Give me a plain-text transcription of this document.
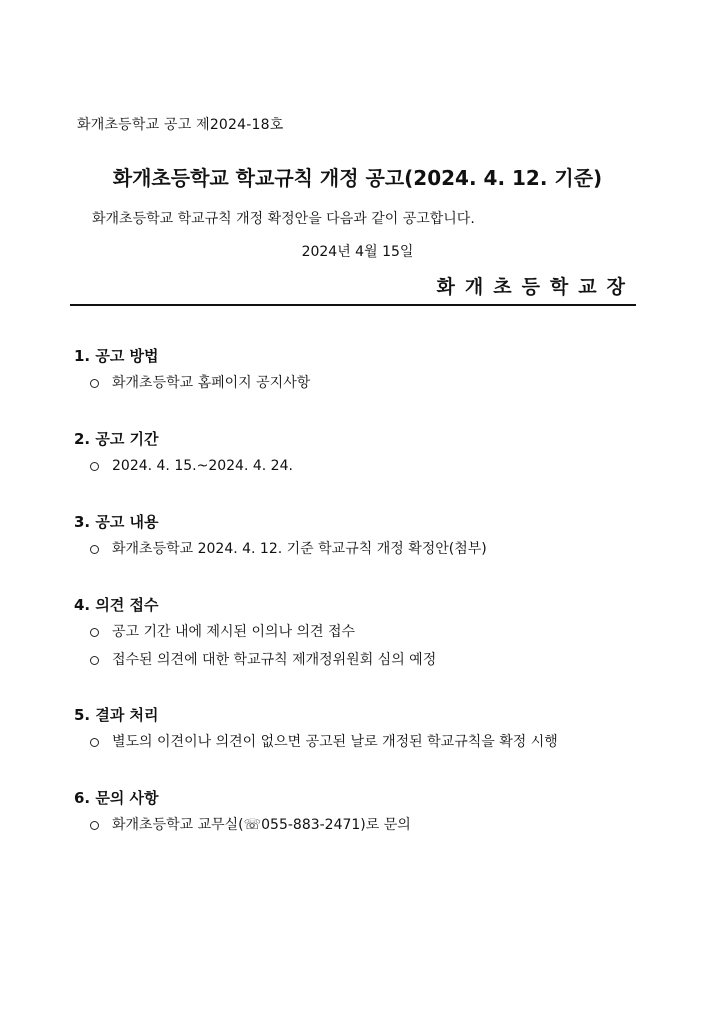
화개초등학교 공고 제2024-18호
화개초등학교 학교규칙 개정 공고(2024. 4. 12. 기준)
화개초등학교 학교규칙 개정 확정안을 다음과 같이 공고합니다.
2024년 4월 15일
화개초등학교장
1. 공고 방법
화개초등학교 홈페이지 공지사항
2. 공고 기간
2024. 4. 15.~2024. 4. 24.
3. 공고 내용
화개초등학교 2024. 4. 12. 기준 학교규칙 개정 확정안(첨부)
4. 의견 접수
공고 기간 내에 제시된 이의나 의견 접수
접수된 의견에 대한 학교규칙 제개정위원회 심의 예정
5. 결과 처리
별도의 이견이나 의견이 없으면 공고된 날로 개정된 학교규칙을 확정 시행
6. 문의 사항
화개초등학교 교무실(☏055-883-2471)로 문의
